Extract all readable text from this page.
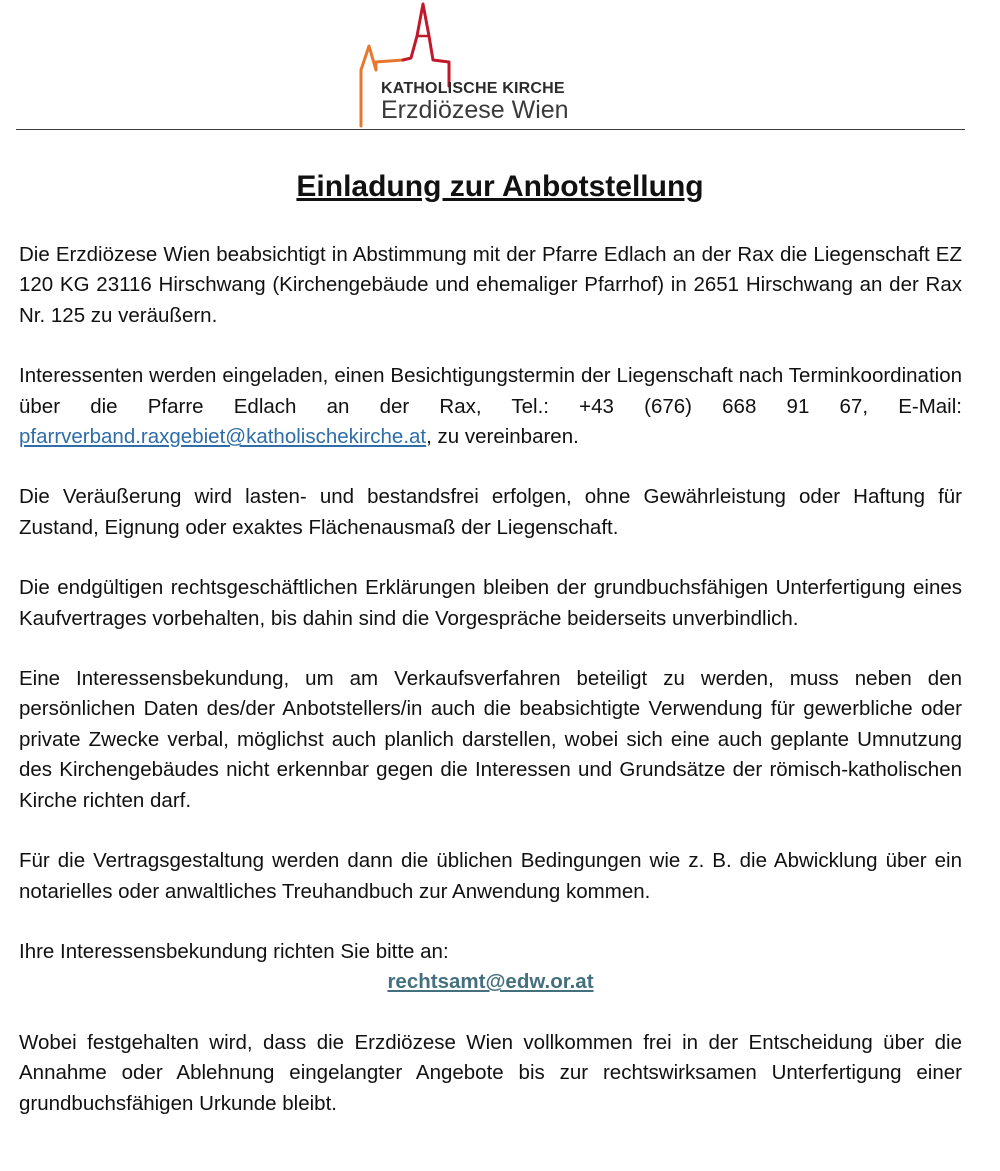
KATHOLISCHE KIRCHE
Erzdiözese Wien
Einladung zur Anbotstellung

Die Erzdiözese Wien beabsichtigt in Abstimmung mit der Pfarre Edlach an der Rax die Liegenschaft EZ 120 KG 23116 Hirschwang (Kirchengebäude und ehemaliger Pfarrhof) in 2651 Hirschwang an der Rax Nr. 125 zu veräußern.

Interessenten werden eingeladen, einen Besichtigungstermin der Liegenschaft nach Terminkoordination über die Pfarre Edlach an der Rax, Tel.: +43 (676) 668 91 67, E-Mail: pfarrverband.raxgebiet@katholischekirche.at, zu vereinbaren.

Die Veräußerung wird lasten- und bestandsfrei erfolgen, ohne Gewährleistung oder Haftung für Zustand, Eignung oder exaktes Flächenausmaß der Liegenschaft.

Die endgültigen rechtsgeschäftlichen Erklärungen bleiben der grundbuchsfähigen Unterfertigung eines Kaufvertrages vorbehalten, bis dahin sind die Vorgespräche beiderseits unverbindlich.

Eine Interessensbekundung, um am Verkaufsverfahren beteiligt zu werden, muss neben den persönlichen Daten des/der Anbotstellers/in auch die beabsichtigte Verwendung für gewerbliche oder private Zwecke verbal, möglichst auch planlich darstellen, wobei sich eine auch geplante Umnutzung des Kirchengebäudes nicht erkennbar gegen die Interessen und Grundsätze der römisch-katholischen Kirche richten darf.

Für die Vertragsgestaltung werden dann die üblichen Bedingungen wie z. B. die Abwicklung über ein notarielles oder anwaltliches Treuhandbuch zur Anwendung kommen.

Ihre Interessensbekundung richten Sie bitte an:

rechtsamt@edw.or.at

Wobei festgehalten wird, dass die Erzdiözese Wien vollkommen frei in der Entscheidung über die Annahme oder Ablehnung eingelangter Angebote bis zur rechtswirksamen Unterfertigung einer grundbuchsfähigen Urkunde bleibt.
